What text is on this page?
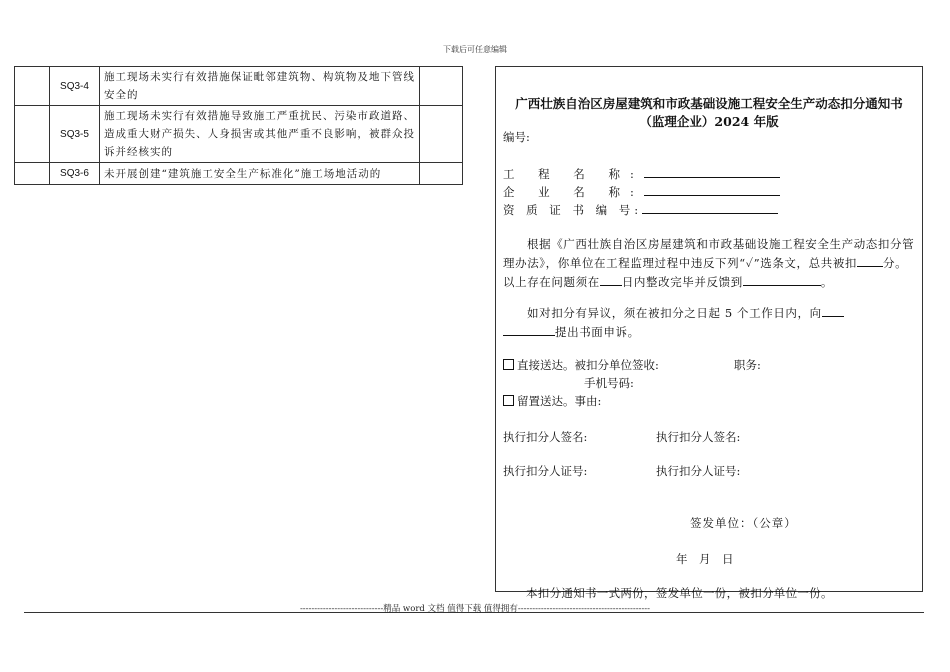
下载后可任意编辑
	SQ3-4	施工现场未实行有效措施保证毗邻建筑物、构筑物及地下管线安全的	
	SQ3-5	施工现场未实行有效措施导致施工严重扰民、污染市政道路、造成重大财产损失、人身损害或其他严重不良影响，被群众投诉并经核实的	
	SQ3-6	未开展创建“建筑施工安全生产标准化”施工场地活动的	
广西壮族自治区房屋建筑和市政基础设施工程安全生产动态扣分通知书
（监理企业）2024 年版
编号:
工 程 名 称:
企 业 名 称:
资 质 证 书 编 号:
根据《广西壮族自治区房屋建筑和市政基础设施工程安全生产动态扣分管理办法》，你单位在工程监理过程中违反下列“✓”选条文，总共被扣 分。以上存在问题须在 日内整改完毕并反馈到	。
如对扣分有异议，须在被扣分之日起 5 个工作日内，向
提出书面申诉。
直接送达。被扣分单位签收:	职务:
手机号码:
留置送达。事由:
执行扣分人签名:	执行扣分人签名:
执行扣分人证号:	执行扣分人证号:
签发单位：（公章）
年　月　日
本扣分通知书一式两份，签发单位一份，被扣分单位一份。
-----------------------------精品 word 文档 值得下载 值得拥有----------------------------------------------
